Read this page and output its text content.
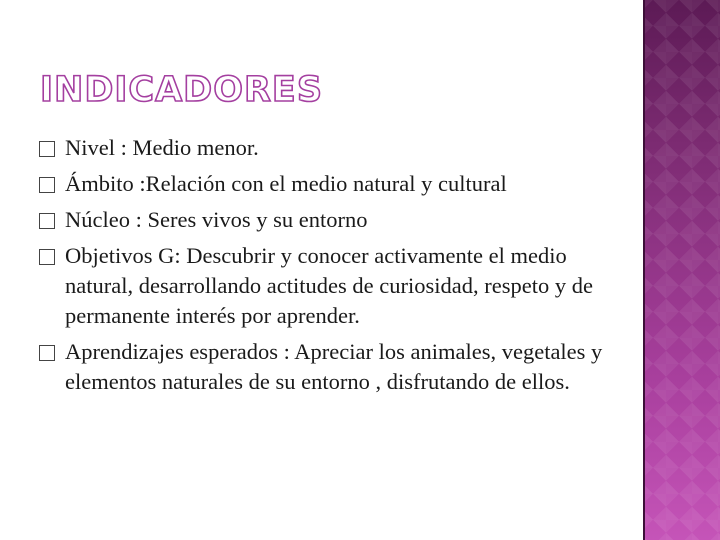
INDICADORES
Nivel : Medio menor.
Ámbito :Relación con el medio natural y cultural
Núcleo : Seres vivos y su entorno
Objetivos G: Descubrir y conocer activamente el medio natural, desarrollando actitudes de curiosidad, respeto y de permanente interés por aprender.
Aprendizajes esperados : Apreciar los animales, vegetales y elementos naturales de su entorno , disfrutando de ellos.
